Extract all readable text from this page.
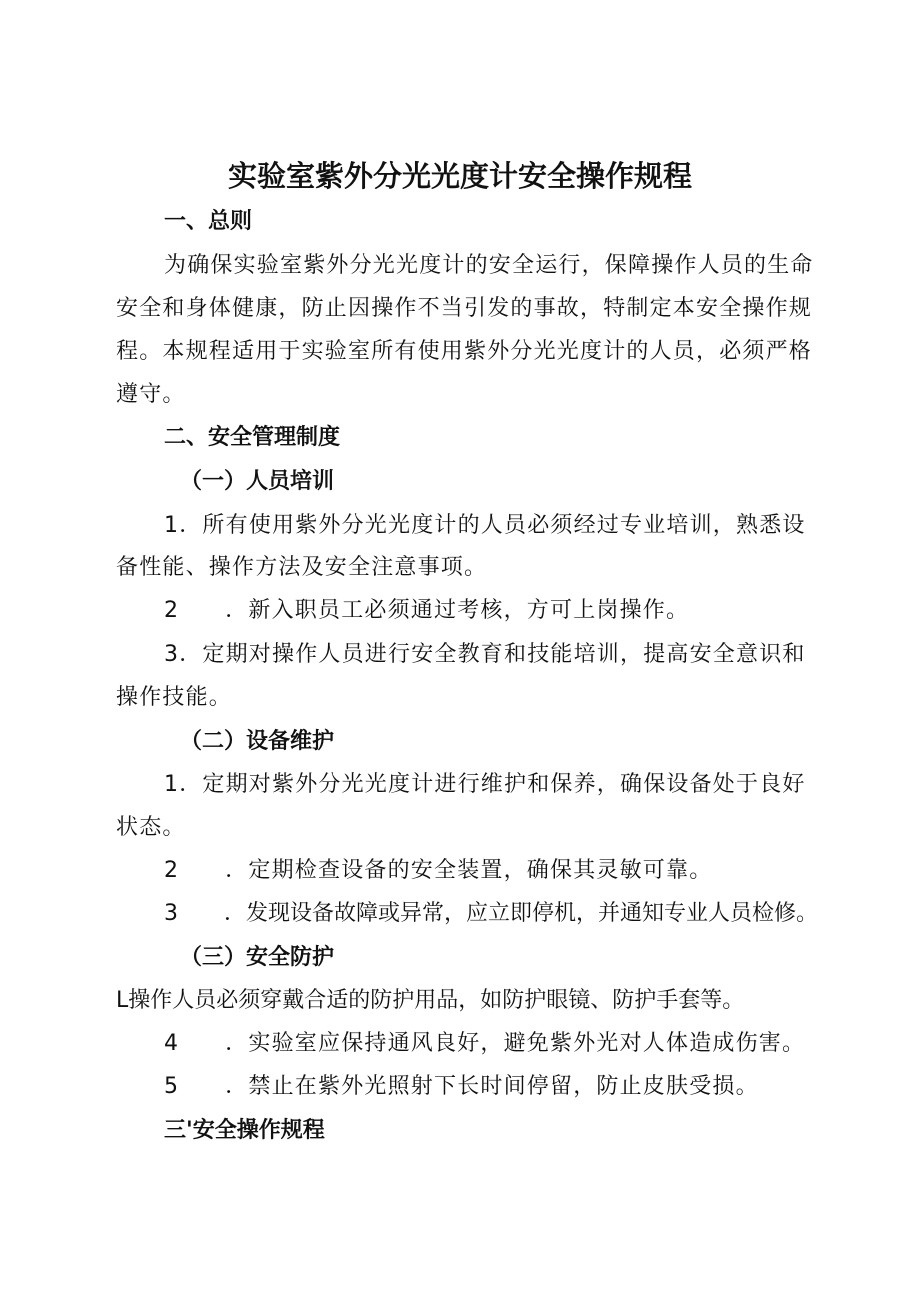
实验室紫外分光光度计安全操作规程
一、总则
为确保实验室紫外分光光度计的安全运行，保障操作人员的生命
安全和身体健康，防止因操作不当引发的事故，特制定本安全操作规
程。本规程适用于实验室所有使用紫外分光光度计的人员，必须严格
遵守。
二、安全管理制度
（一）人员培训
1．所有使用紫外分光光度计的人员必须经过专业培训，熟悉设
备性能、操作方法及安全注意事项。
2 ．新入职员工必须通过考核，方可上岗操作。
3．定期对操作人员进行安全教育和技能培训，提高安全意识和
操作技能。
（二）设备维护
1．定期对紫外分光光度计进行维护和保养，确保设备处于良好
状态。
2 ．定期检查设备的安全装置，确保其灵敏可靠。
3 ．发现设备故障或异常，应立即停机，并通知专业人员检修。
（三）安全防护
L操作人员必须穿戴合适的防护用品，如防护眼镜、防护手套等。
4 ．实验室应保持通风良好，避免紫外光对人体造成伤害。
5 ．禁止在紫外光照射下长时间停留，防止皮肤受损。
三'安全操作规程
